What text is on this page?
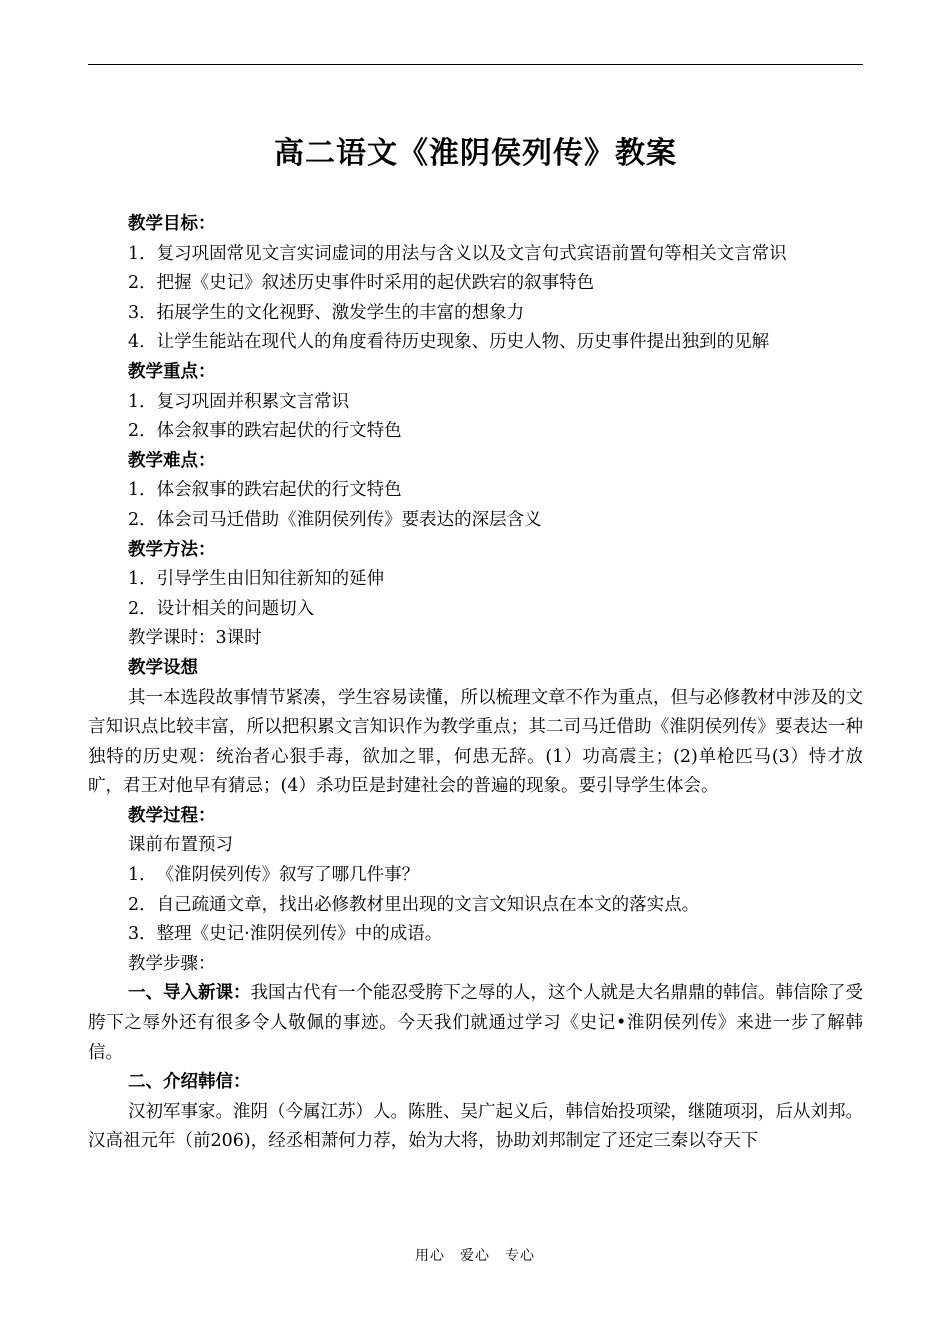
高二语文《淮阴侯列传》教案
教学目标：
1．复习巩固常见文言实词虚词的用法与含义以及文言句式宾语前置句等相关文言常识
2．把握《史记》叙述历史事件时采用的起伏跌宕的叙事特色
3．拓展学生的文化视野、激发学生的丰富的想象力
4．让学生能站在现代人的角度看待历史现象、历史人物、历史事件提出独到的见解
教学重点：
1．复习巩固并积累文言常识
2．体会叙事的跌宕起伏的行文特色
教学难点：
1．体会叙事的跌宕起伏的行文特色
2．体会司马迁借助《淮阴侯列传》要表达的深层含义
教学方法：
1．引导学生由旧知往新知的延伸
2．设计相关的问题切入
教学课时：3课时
教学设想
其一本选段故事情节紧凑，学生容易读懂，所以梳理文章不作为重点，但与必修教材中涉及的文言知识点比较丰富，所以把积累文言知识作为教学重点；其二司马迁借助《淮阴侯列传》要表达一种独特的历史观：统治者心狠手毒，欲加之罪，何患无辞。(1）功高震主；(2)单枪匹马(3）恃才放旷，君王对他早有猜忌；(4）杀功臣是封建社会的普遍的现象。要引导学生体会。
教学过程：
课前布置预习
1．　《淮阴侯列传》叙写了哪几件事？
2．自己疏通文章，找出必修教材里出现的文言文知识点在本文的落实点。
3．整理《史记·淮阴侯列传》中的成语。
教学步骤：
一、导入新课：我国古代有一个能忍受胯下之辱的人，这个人就是大名鼎鼎的韩信。韩信除了受胯下之辱外还有很多令人敬佩的事迹。今天我们就通过学习《史记•淮阴侯列传》来进一步了解韩信。
二、介绍韩信：
汉初军事家。淮阴（今属江苏）人。陈胜、吴广起义后，韩信始投项梁，继随项羽，后从刘邦。汉高祖元年（前206)，经丞相萧何力荐，始为大将，协助刘邦制定了还定三秦以夺天下
用心　爱心　专心
